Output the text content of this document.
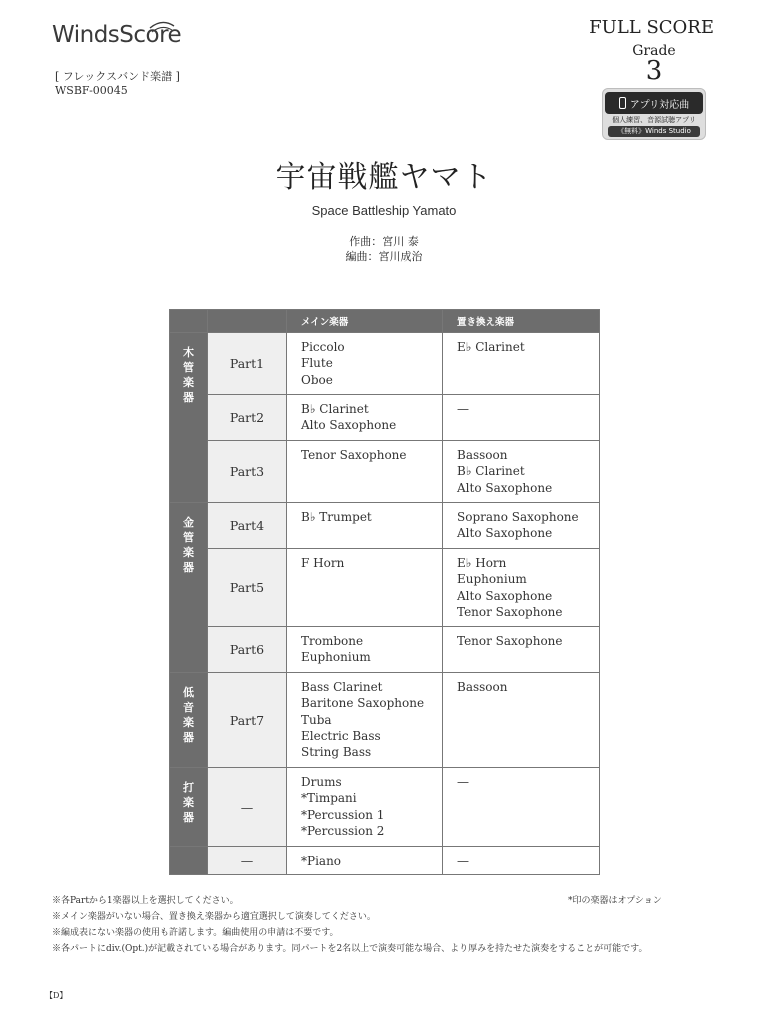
WindsScore
[ フレックスバンド楽譜 ]
WSBF-00045
FULL SCORE
Grade
3
アプリ対応曲
個人練習、音源試聴アプリ
《無料》Winds Studio
宇宙戦艦ヤマト
Space Battleship Yamato
作曲：宮川 泰
編曲：宮川成治
		メイン楽器	置き換え楽器
木管楽器	Part1	Piccolo
Flute
Oboe	E♭ Clarinet

	Part2	B♭ Clarinet
Alto Saxophone	—

	Part3	Tenor Saxophone	Bassoon
B♭ Clarinet
Alto Saxophone

金管楽器	Part4	B♭ Trumpet	Soprano Saxophone
Alto Saxophone

	Part5	F Horn	E♭ Horn
Euphonium
Alto Saxophone
Tenor Saxophone

	Part6	Trombone
Euphonium	Tenor Saxophone

低音楽器	Part7	Bass Clarinet
Baritone Saxophone
Tuba
Electric Bass
String Bass	Bassoon

打楽器	—	Drums
*Timpani
*Percussion 1
*Percussion 2	—

	—	*Piano	—
※各Partから1楽器以上を選択してください。	*印の楽器はオプション
※メイン楽器がいない場合、置き換え楽器から適宜選択して演奏してください。
※編成表にない楽器の使用も許諾します。編曲使用の申請は不要です。
※各パートにdiv.(Opt.)が記載されている場合があります。同パートを2名以上で演奏可能な場合、より厚みを持たせた演奏をすることが可能です。
【D】
